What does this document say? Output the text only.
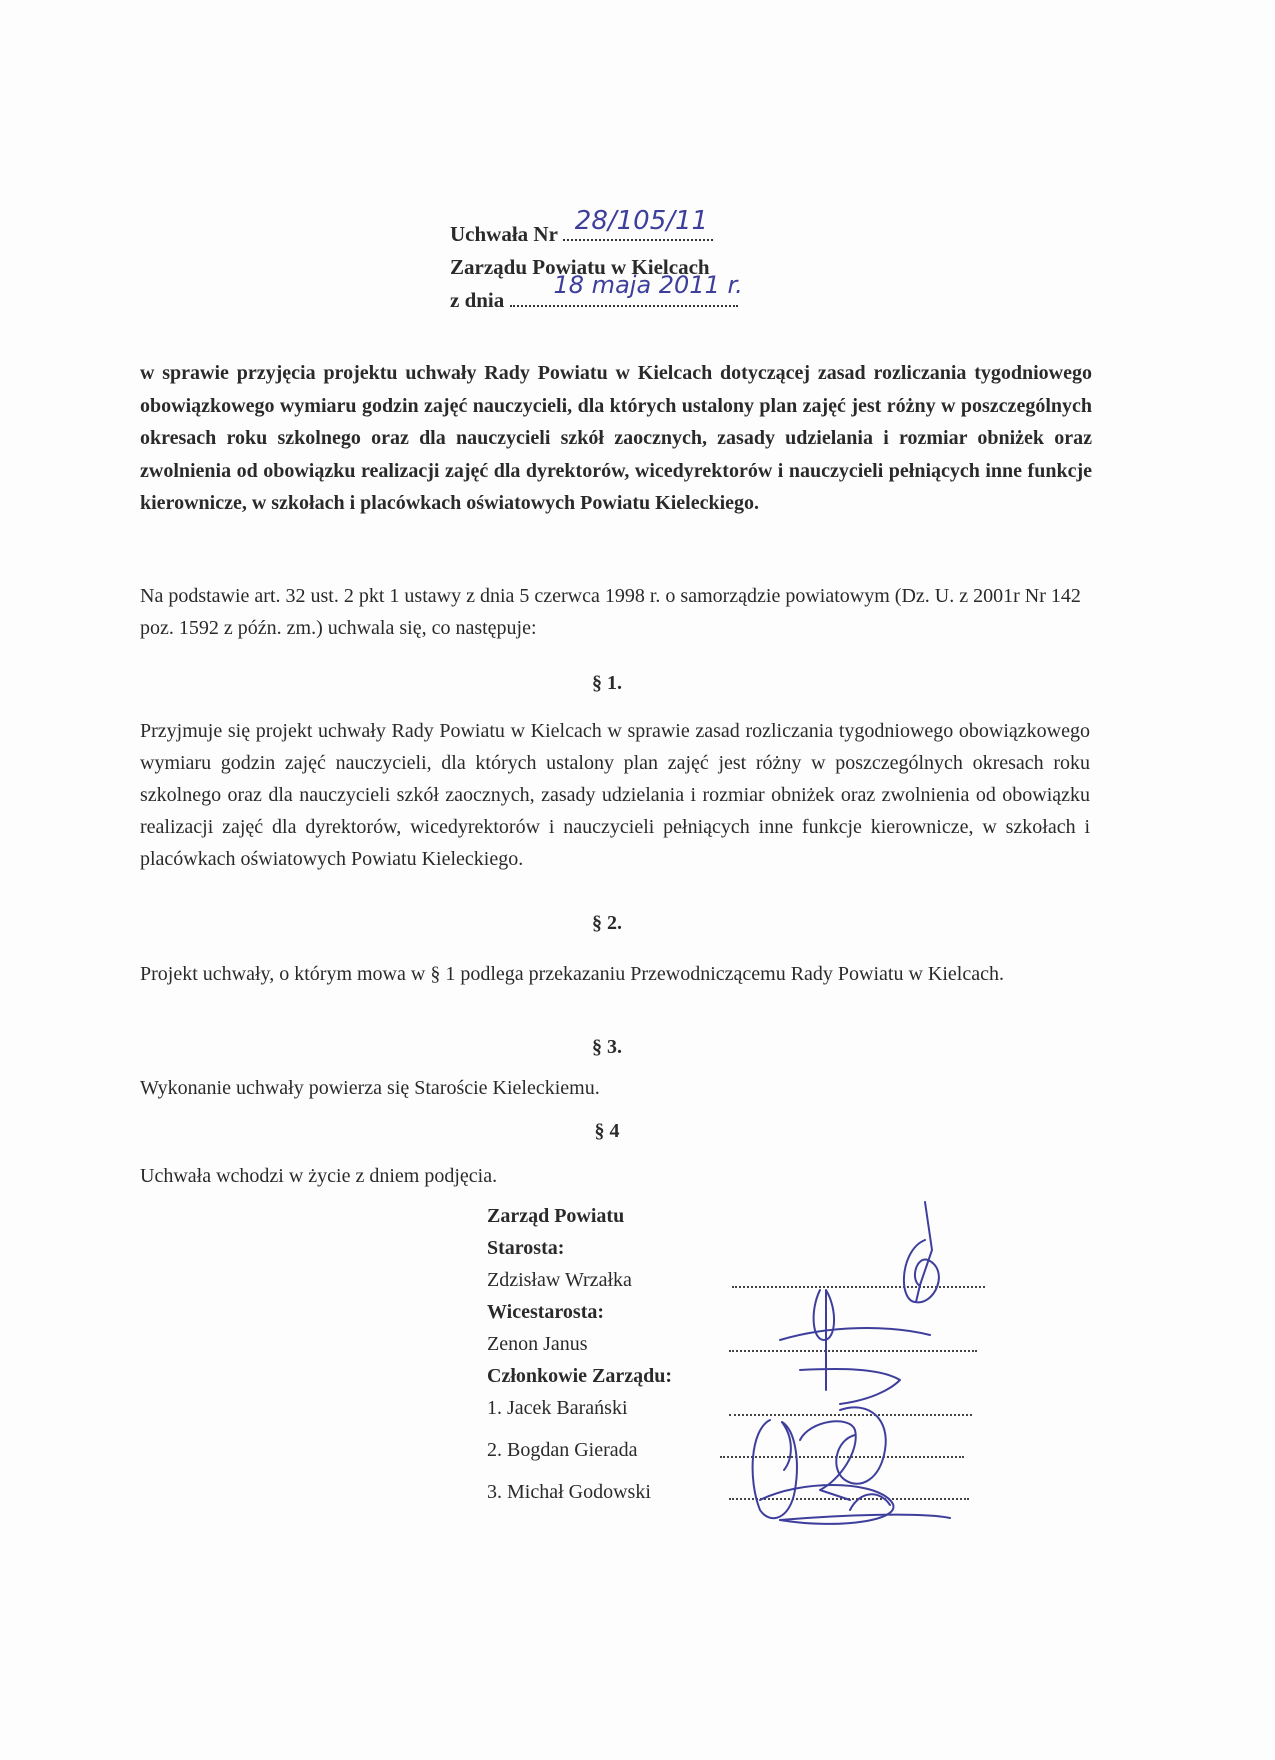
Uchwała Nr 28/105/11
Zarządu Powiatu w Kielcach
z dnia
18 maja 2011 r.

w sprawie przyjęcia projektu uchwały Rady Powiatu w Kielcach dotyczącej zasad rozliczania tygodniowego obowiązkowego wymiaru godzin zajęć nauczycieli, dla których ustalony plan zajęć jest różny w poszczególnych okresach roku szkolnego oraz dla nauczycieli szkół zaocznych, zasady udzielania i rozmiar obniżek oraz zwolnienia od obowiązku realizacji zajęć dla dyrektorów, wicedyrektorów i nauczycieli pełniących inne funkcje kierownicze, w szkołach i placówkach oświatowych Powiatu Kieleckiego.

Na podstawie art. 32 ust. 2 pkt 1 ustawy z dnia 5 czerwca 1998 r. o samorządzie powiatowym (Dz. U. z 2001r Nr 142 poz. 1592 z późn. zm.) uchwala się, co następuje:

§ 1.

Przyjmuje się projekt uchwały Rady Powiatu w Kielcach w sprawie zasad rozliczania tygodniowego obowiązkowego wymiaru godzin zajęć nauczycieli, dla których ustalony plan zajęć jest różny w poszczególnych okresach roku szkolnego oraz dla nauczycieli szkół zaocznych, zasady udzielania i rozmiar obniżek oraz zwolnienia od obowiązku realizacji zajęć dla dyrektorów, wicedyrektorów i nauczycieli pełniących inne funkcje kierownicze, w szkołach i placówkach oświatowych Powiatu Kieleckiego.

§ 2.

Projekt uchwały, o którym mowa w § 1 podlega przekazaniu Przewodniczącemu Rady Powiatu w Kielcach.

§ 3.

Wykonanie uchwały powierza się Staroście Kieleckiemu.

§ 4

Uchwała wchodzi w życie z dniem podjęcia.

Zarząd Powiatu
Starosta:
Zdzisław Wrzałka
Wicestarosta:
Zenon Janus
Członkowie Zarządu:
1. Jacek Barański
2. Bogdan Gierada
3. Michał Godowski
